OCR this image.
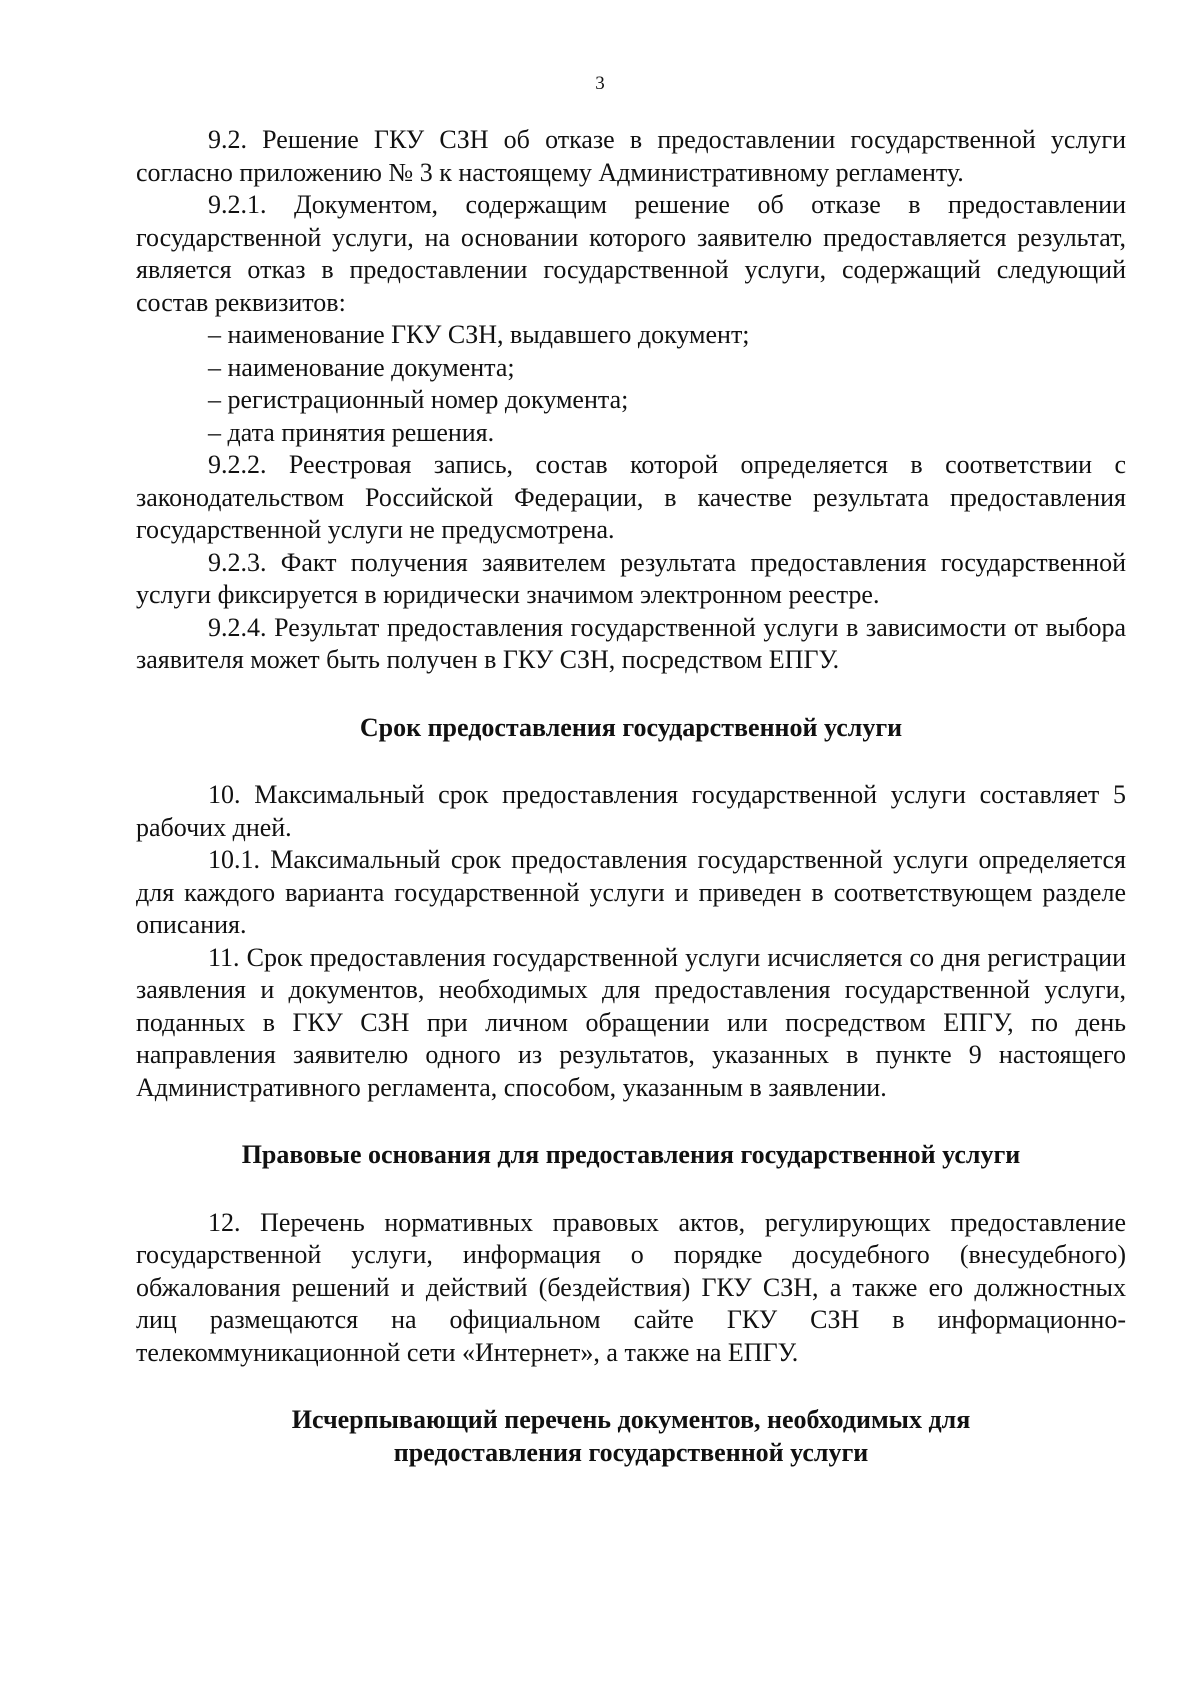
3

9.2. Решение ГКУ СЗН об отказе в предоставлении государственной услуги согласно приложению № 3 к настоящему Административному регламенту.

9.2.1. Документом, содержащим решение об отказе в предоставлении государственной услуги, на основании которого заявителю предоставляется результат, является отказ в предоставлении государственной услуги, содержащий следующий состав реквизитов:

– наименование ГКУ СЗН, выдавшего документ;

– наименование документа;

– регистрационный номер документа;

– дата принятия решения.

9.2.2. Реестровая запись, состав которой определяется в соответствии с законодательством Российской Федерации, в качестве результата предоставления государственной услуги не предусмотрена.

9.2.3. Факт получения заявителем результата предоставления государственной услуги фиксируется в юридически значимом электронном реестре.

9.2.4. Результат предоставления государственной услуги в зависимости от выбора заявителя может быть получен в ГКУ СЗН, посредством ЕПГУ.

Срок предоставления государственной услуги

10. Максимальный срок предоставления государственной услуги составляет 5 рабочих дней.

10.1. Максимальный срок предоставления государственной услуги определяется для каждого варианта государственной услуги и приведен в соответствующем разделе описания.

11. Срок предоставления государственной услуги исчисляется со дня регистрации заявления и документов, необходимых для предоставления государственной услуги, поданных в ГКУ СЗН при личном обращении или посредством ЕПГУ, по день направления заявителю одного из результатов, указанных в пункте 9 настоящего Административного регламента, способом, указанным в заявлении.

Правовые основания для предоставления государственной услуги

12. Перечень нормативных правовых актов, регулирующих предоставление государственной услуги, информация о порядке досудебного (внесудебного) обжалования решений и действий (бездействия) ГКУ СЗН, а также его должностных лиц размещаются на официальном сайте ГКУ СЗН в информационно-телекоммуникационной сети «Интернет», а также на ЕПГУ.

Исчерпывающий перечень документов, необходимых для

предоставления государственной услуги
